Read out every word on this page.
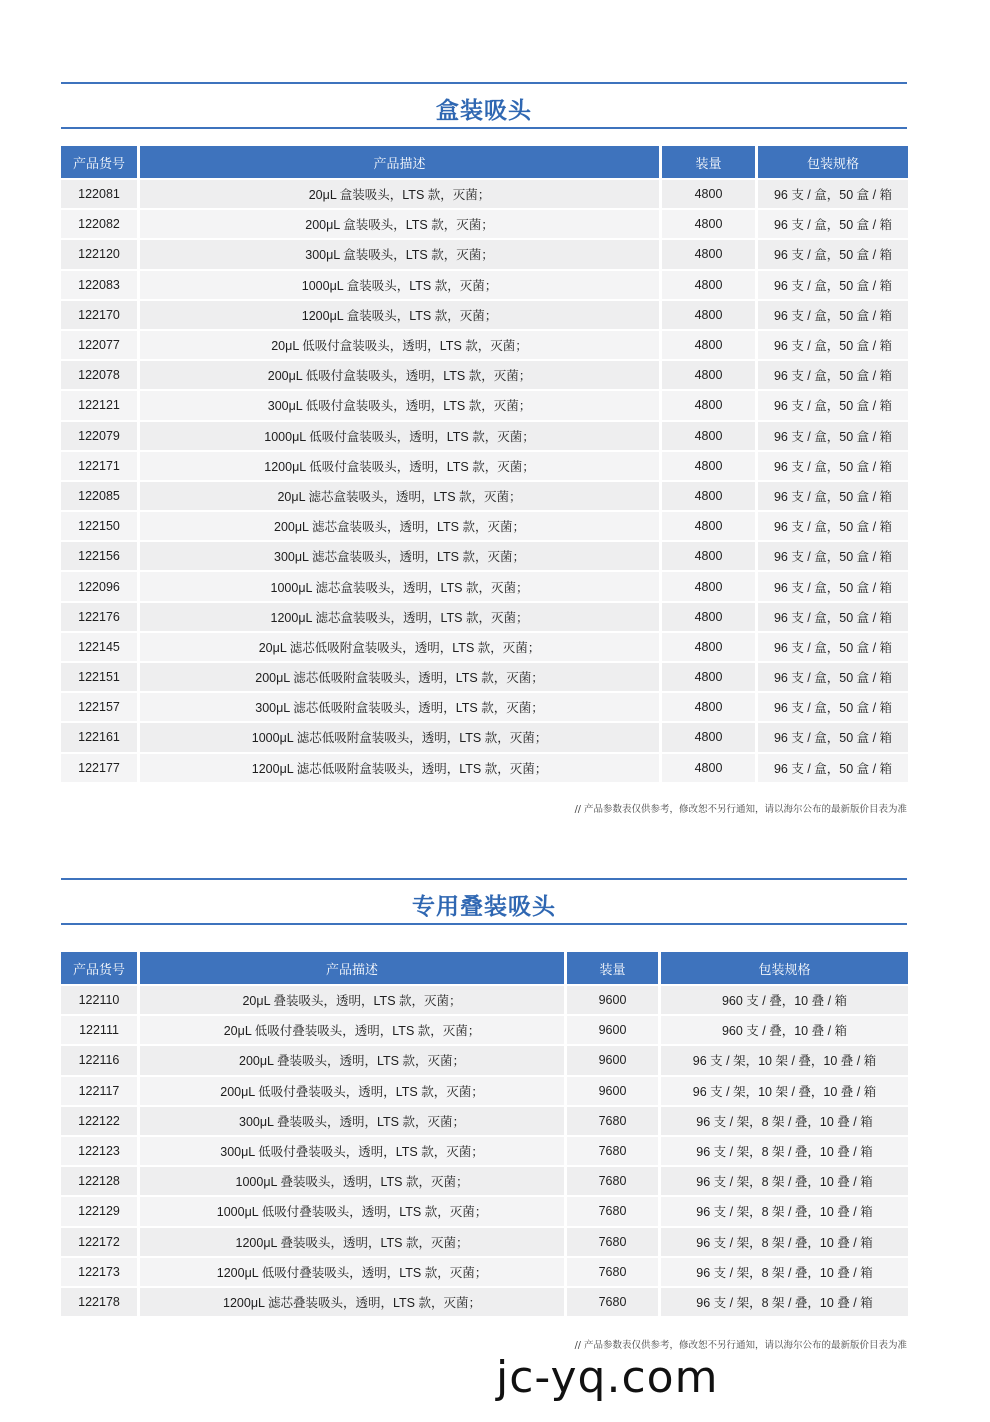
盒装吸头
产品货号	产品描述	装量	包装规格
122081	20μL 盒装吸头，LTS 款，灭菌；	4800	96 支 / 盒，50 盒 / 箱
122082	200μL 盒装吸头，LTS 款，灭菌；	4800	96 支 / 盒，50 盒 / 箱
122120	300μL 盒装吸头，LTS 款，灭菌；	4800	96 支 / 盒，50 盒 / 箱
122083	1000μL 盒装吸头，LTS 款，灭菌；	4800	96 支 / 盒，50 盒 / 箱
122170	1200μL 盒装吸头，LTS 款，灭菌；	4800	96 支 / 盒，50 盒 / 箱
122077	20μL 低吸付盒装吸头，透明，LTS 款，灭菌；	4800	96 支 / 盒，50 盒 / 箱
122078	200μL 低吸付盒装吸头，透明，LTS 款，灭菌；	4800	96 支 / 盒，50 盒 / 箱
122121	300μL 低吸付盒装吸头，透明，LTS 款，灭菌；	4800	96 支 / 盒，50 盒 / 箱
122079	1000μL 低吸付盒装吸头，透明，LTS 款，灭菌；	4800	96 支 / 盒，50 盒 / 箱
122171	1200μL 低吸付盒装吸头，透明，LTS 款，灭菌；	4800	96 支 / 盒，50 盒 / 箱
122085	20μL 滤芯盒装吸头，透明，LTS 款，灭菌；	4800	96 支 / 盒，50 盒 / 箱
122150	200μL 滤芯盒装吸头，透明，LTS 款，灭菌；	4800	96 支 / 盒，50 盒 / 箱
122156	300μL 滤芯盒装吸头，透明，LTS 款，灭菌；	4800	96 支 / 盒，50 盒 / 箱
122096	1000μL 滤芯盒装吸头，透明，LTS 款，灭菌；	4800	96 支 / 盒，50 盒 / 箱
122176	1200μL 滤芯盒装吸头，透明，LTS 款，灭菌；	4800	96 支 / 盒，50 盒 / 箱
122145	20μL 滤芯低吸附盒装吸头，透明，LTS 款，灭菌；	4800	96 支 / 盒，50 盒 / 箱
122151	200μL 滤芯低吸附盒装吸头，透明，LTS 款，灭菌；	4800	96 支 / 盒，50 盒 / 箱
122157	300μL 滤芯低吸附盒装吸头，透明，LTS 款，灭菌；	4800	96 支 / 盒，50 盒 / 箱
122161	1000μL 滤芯低吸附盒装吸头，透明，LTS 款，灭菌；	4800	96 支 / 盒，50 盒 / 箱
122177	1200μL 滤芯低吸附盒装吸头，透明，LTS 款，灭菌；	4800	96 支 / 盒，50 盒 / 箱
// 产品参数表仅供参考，修改恕不另行通知，请以海尔公布的最新版价目表为准
专用叠装吸头
产品货号	产品描述	装量	包装规格
122110	20μL 叠装吸头，透明，LTS 款，灭菌；	9600	960 支 / 叠，10 叠 / 箱
122111	20μL 低吸付叠装吸头，透明，LTS 款，灭菌；	9600	960 支 / 叠，10 叠 / 箱
122116	200μL 叠装吸头，透明，LTS 款，灭菌；	9600	96 支 / 架，10 架 / 叠，10 叠 / 箱
122117	200μL 低吸付叠装吸头，透明，LTS 款，灭菌；	9600	96 支 / 架，10 架 / 叠，10 叠 / 箱
122122	300μL 叠装吸头，透明，LTS 款，灭菌；	7680	96 支 / 架，8 架 / 叠，10 叠 / 箱
122123	300μL 低吸付叠装吸头，透明，LTS 款，灭菌；	7680	96 支 / 架，8 架 / 叠，10 叠 / 箱
122128	1000μL 叠装吸头，透明，LTS 款，灭菌；	7680	96 支 / 架，8 架 / 叠，10 叠 / 箱
122129	1000μL 低吸付叠装吸头，透明，LTS 款，灭菌；	7680	96 支 / 架，8 架 / 叠，10 叠 / 箱
122172	1200μL 叠装吸头，透明，LTS 款，灭菌；	7680	96 支 / 架，8 架 / 叠，10 叠 / 箱
122173	1200μL 低吸付叠装吸头，透明，LTS 款，灭菌；	7680	96 支 / 架，8 架 / 叠，10 叠 / 箱
122178	1200μL 滤芯叠装吸头，透明，LTS 款，灭菌；	7680	96 支 / 架，8 架 / 叠，10 叠 / 箱
// 产品参数表仅供参考，修改恕不另行通知，请以海尔公布的最新版价目表为准
jc-yq.com
